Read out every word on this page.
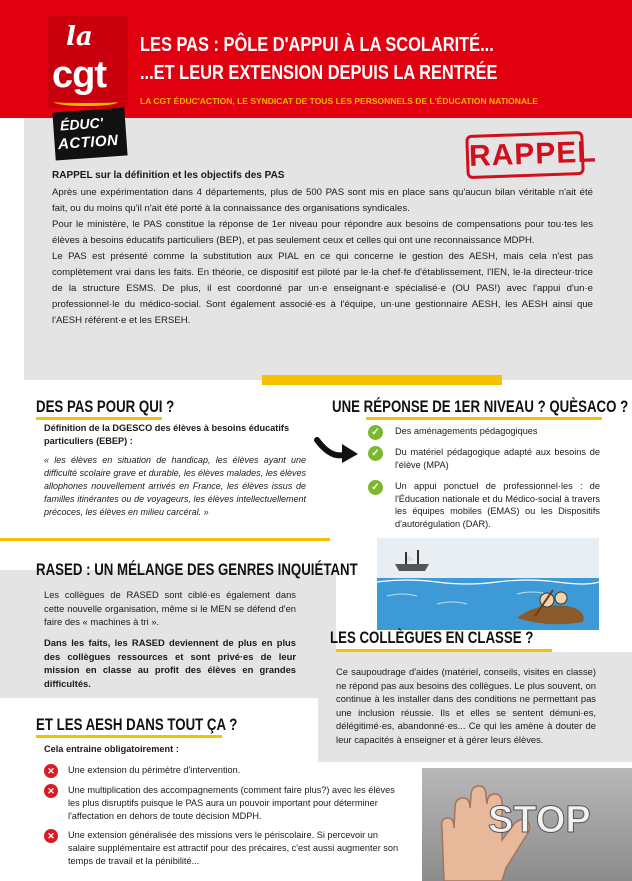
la
cgt
ÉDUC'
ACTION
LES PAS : PÔLE D'APPUI À LA SCOLARITÉ...
...ET LEUR EXTENSION DEPUIS LA RENTRÉE
LA CGT ÉDUC'ACTION, LE SYNDICAT DE TOUS LES PERSONNELS DE L'ÉDUCATION NATIONALE
RAPPEL
RAPPEL sur la définition et les objectifs des PAS

Après une expérimentation dans 4 départements, plus de 500 PAS sont mis en place sans qu'aucun bilan véritable n'ait été fait, ou du moins qu'il n'ait été porté à la connaissance des organisations syndicales.

Pour le ministère, le PAS constitue la réponse de 1er niveau pour répondre aux besoins de compensations pour tou·tes les élèves à besoins éducatifs particuliers (BEP), et pas seulement ceux et celles qui ont une reconnaissance MDPH.

Le PAS est présenté comme la substitution aux PIAL en ce qui concerne le gestion des AESH, mais cela n'est pas complètement vrai dans les faits. En théorie, ce dispositif est piloté par le·la chef·fe d'établissement, l'IEN, le·la directeur·trice de la structure ESMS. De plus, il est coordonné par un·e enseignant·e spécialisé·e (OU PAS!) avec l'appui d'un·e professionnel·le du médico-social. Sont également associé·es à l'équipe, un·une gestionnaire AESH, les AESH ainsi que l'AESH référent·e et les ERSEH.

DES PAS POUR QUI ?
Définition de la DGESCO des élèves à besoins éducatifs particuliers (EBEP) :
« les élèves en situation de handicap, les élèves ayant une difficulté scolaire grave et durable, les élèves malades, les élèves allophones nouvellement arrivés en France, les élèves issus de familles itinérantes ou de voyageurs, les élèves intellectuellement précoces, les élèves en milieu carcéral. »
UNE RÉPONSE DE 1ER NIVEAU ? QUÈSACO ?
✓	Des aménagements pédagogiques
✓	Du matériel pédagogique adapté aux besoins de l'élève (MPA)
✓	Un appui ponctuel de professionnel·les : de l'Éducation nationale et du Médico-social à travers les équipes mobiles (EMAS) ou les Dispositifs d'autorégulation (DAR).
RASED : UN MÉLANGE DES GENRES INQUIÉTANT
Les collègues de RASED sont ciblé·es également dans cette nouvelle organisation, même si le MEN se défend d'en faire des « machines à tri ».
Dans les faits, les RASED deviennent de plus en plus des collègues ressources et sont privé·es de leur mission en classe au profit des élèves en grandes difficultés.
LES COLLÈGUES EN CLASSE ?
Ce saupoudrage d'aides (matériel, conseils, visites en classe) ne répond pas aux besoins des collègues. Le plus souvent, on continue à les installer dans des conditions ne permettant pas une inclusion réussie. Ils et elles se sentent démuni·es, délégitimé·es, abandonné·es... Ce qui les amène à douter de leur capacités à enseigner et à gérer leurs élèves.
ET LES AESH DANS TOUT ÇA ?
Cela entraine obligatoirement :
✕	Une extension du périmètre d'intervention.
✕	Une multiplication des accompagnements (comment faire plus?) avec les élèves les plus disruptifs puisque le PAS aura un pouvoir important pour déterminer l'affectation en dehors de toute décision MDPH.
✕	Une extension généralisée des missions vers le périscolaire. Si percevoir un salaire supplémentaire est attractif pour des précaires, c'est aussi augmenter son temps de travail et la pénibilité...
STOP
